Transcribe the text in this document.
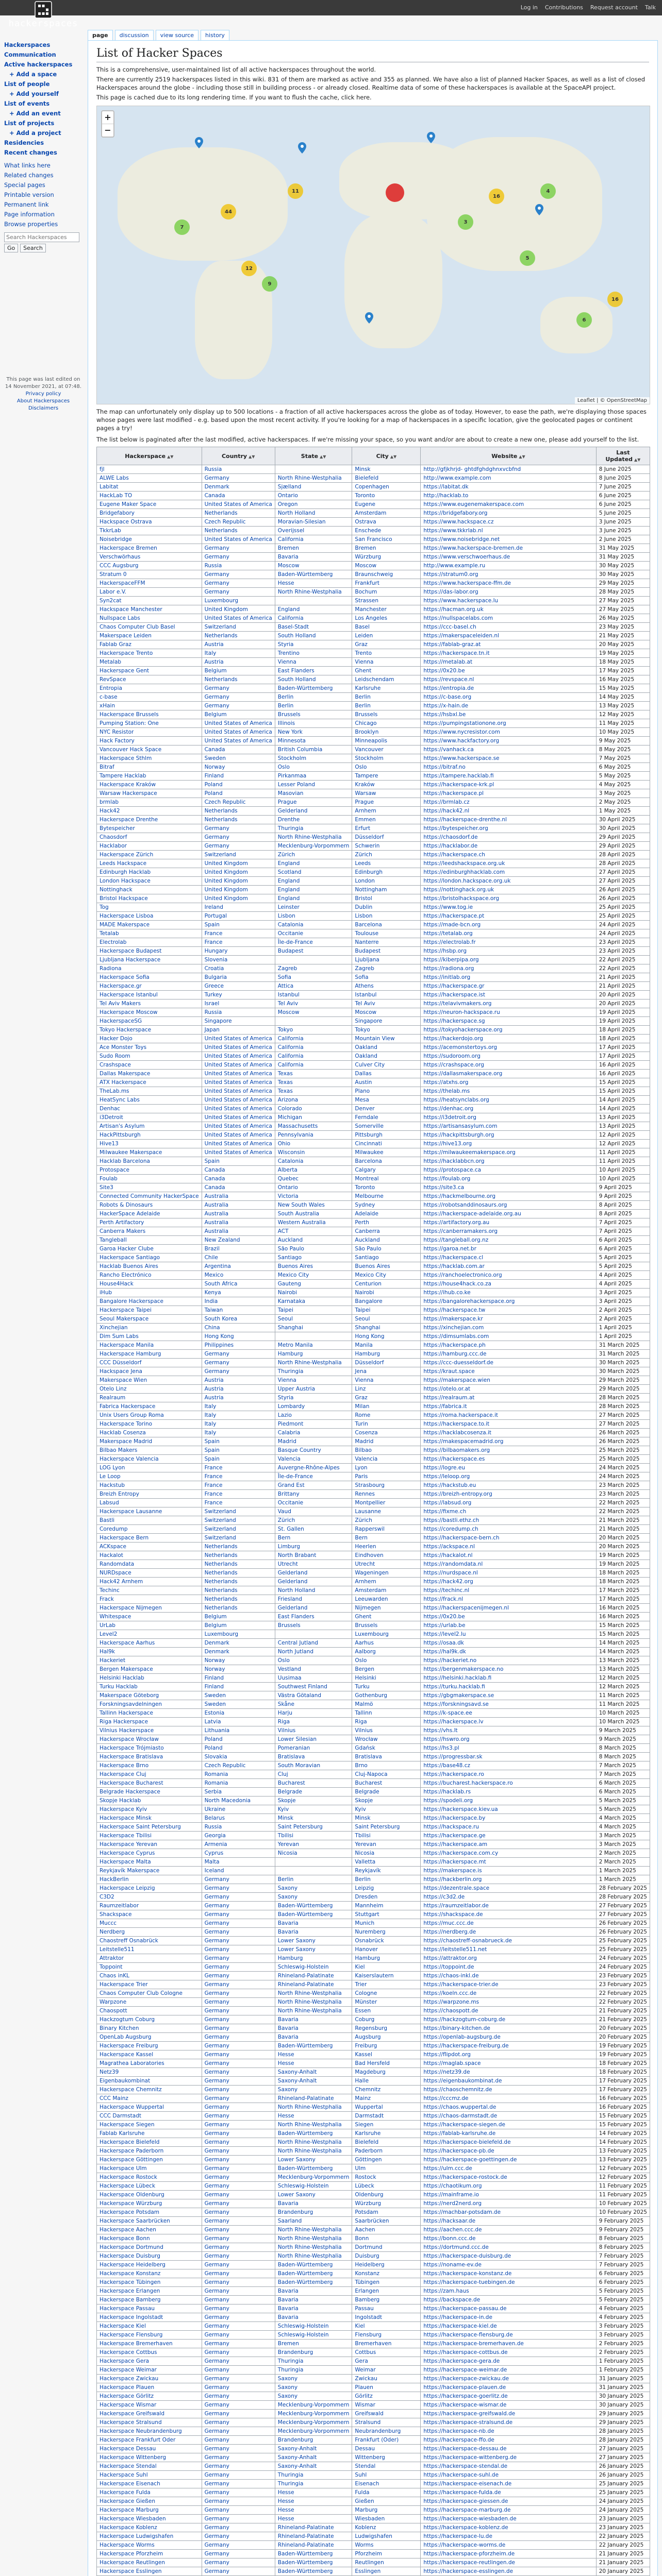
Log in Contributions Request account Talk
hackerspaces
page	discussion	view source	history
Hackerspaces
Communication
Active hackerspaces
+ Add a space
List of people
+ Add yourself
List of events
+ Add an event
List of projects
+ Add a project
Residencies
Recent changes
What links here
Related changes
Special pages
Printable version
Permanent link
Page information
Browse properties
Search Hackerspaces
Go Search
This page was last edited on 14 November 2021, at 07:48.
Privacy policy
About Hackerspaces
Disclaimers
List of Hacker Spaces

This is a comprehensive, user-maintained list of all active hackerspaces throughout the world.

There are currently 2519 hackerspaces listed in this wiki. 831 of them are marked as active and 355 as planned. We have also a list of planned Hacker Spaces, as well as a list of closed Hackerspaces around the globe - including those still in building process - or already closed. Realtime data of some of these hackerspaces is available at the SpaceAPI project.

This page is cached due to its long rendering time. If you want to flush the cache, click here.

+
−
11
44
7
16
4
3
12
9
5
6
16
Leaflet | © OpenStreetMap

The map can unfortunately only display up to 500 locations - a fraction of all active hackerspaces across the globe as of today. However, to ease the path, we're displaying those spaces whose pages were last modified - e.g. based upon the most recent activity. If you're looking for a map of hackerspaces in a specific location, give the geolocated pages or continent pages a try!

The list below is paginated after the last modified, active hackerspaces. If we're missing your space, so you want and/or are about to create a new one, please add yourself to the list.

Hackerspace ▲▼	Country ▲▼	State ▲▼	City ▲▼	Website ▲▼	Last Updated ▲▼
fjl	Russia		Minsk	http://gfjkhrjd- ghtdfghdghnxvcbfnd	8 June 2025
ALWE Labs	Germany	North Rhine-Westphalia	Bielefeld	http://www.example.com	8 June 2025
Labitat	Denmark	Sjælland	Copenhagen	https://labitat.dk	7 June 2025
HackLab TO	Canada	Ontario	Toronto	http://hacklab.to	6 June 2025
Eugene Maker Space	United States of America	Oregon	Eugene	https://www.eugenemakerspace.com	6 June 2025
Bridgefabory	Netherlands	North Holland	Amsterdam	https://bridgefabory.org	5 June 2025
Hackspace Ostrava	Czech Republic	Moravian-Silesian	Ostrava	https://www.hackspace.cz	3 June 2025
TkkrLab	Netherlands	Overijssel	Enschede	https://www.tkkrlab.nl	3 June 2025
Noisebridge	United States of America	California	San Francisco	https://www.noisebridge.net	2 June 2025
Hackerspace Bremen	Germany	Bremen	Bremen	https://www.hackerspace-bremen.de	31 May 2025
Verschwörhaus	Germany	Bavaria	Würzburg	https://www.verschwoerhaus.de	31 May 2025
CCC Augsburg	Russia	Moscow	Moscow	http://www.example.ru	30 May 2025
Stratum 0	Germany	Baden-Württemberg	Braunschweig	https://stratum0.org	30 May 2025
HackerspaceFFM	Germany	Hesse	Frankfurt	https://www.hackerspace-ffm.de	29 May 2025
Labor e.V.	Germany	North Rhine-Westphalia	Bochum	https://das-labor.org	28 May 2025
Syn2cat	Luxembourg		Strassen	https://www.hackerspace.lu	27 May 2025
Hackspace Manchester	United Kingdom	England	Manchester	https://hacman.org.uk	27 May 2025
Nullspace Labs	United States of America	California	Los Angeles	https://nullspacelabs.com	26 May 2025
Chaos Computer Club Basel	Switzerland	Basel-Stadt	Basel	https://ccc-basel.ch	23 May 2025
Makerspace Leiden	Netherlands	South Holland	Leiden	https://makerspaceleiden.nl	21 May 2025
Fablab Graz	Austria	Styria	Graz	https://fablab-graz.at	20 May 2025
Hackerspace Trento	Italy	Trentino	Trento	https://hackerspace.tn.it	19 May 2025
Metalab	Austria	Vienna	Vienna	https://metalab.at	18 May 2025
Hackerspace Gent	Belgium	East Flanders	Ghent	https://0x20.be	17 May 2025
RevSpace	Netherlands	South Holland	Leidschendam	https://revspace.nl	16 May 2025
Entropia	Germany	Baden-Württemberg	Karlsruhe	https://entropia.de	15 May 2025
c-base	Germany	Berlin	Berlin	https://c-base.org	14 May 2025
xHain	Germany	Berlin	Berlin	https://x-hain.de	13 May 2025
Hackerspace Brussels	Belgium	Brussels	Brussels	https://hsbxl.be	12 May 2025
Pumping Station: One	United States of America	Illinois	Chicago	https://pumpingstationone.org	11 May 2025
NYC Resistor	United States of America	New York	Brooklyn	https://www.nycresistor.com	10 May 2025
Hack Factory	United States of America	Minnesota	Minneapolis	https://www.hackfactory.org	9 May 2025
Vancouver Hack Space	Canada	British Columbia	Vancouver	https://vanhack.ca	8 May 2025
Hackerspace Sthlm	Sweden	Stockholm	Stockholm	https://www.hackerspace.se	7 May 2025
Bitraf	Norway	Oslo	Oslo	https://bitraf.no	6 May 2025
Tampere Hacklab	Finland	Pirkanmaa	Tampere	https://tampere.hacklab.fi	5 May 2025
Hackerspace Kraków	Poland	Lesser Poland	Kraków	https://hackerspace-krk.pl	4 May 2025
Warsaw Hackerspace	Poland	Masovian	Warsaw	https://hackerspace.pl	3 May 2025
brmlab	Czech Republic	Prague	Prague	https://brmlab.cz	2 May 2025
Hack42	Netherlands	Gelderland	Arnhem	https://hack42.nl	1 May 2025
Hackerspace Drenthe	Netherlands	Drenthe	Emmen	https://hackerspace-drenthe.nl	30 April 2025
Bytespeicher	Germany	Thuringia	Erfurt	https://bytespeicher.org	30 April 2025
Chaosdorf	Germany	North Rhine-Westphalia	Düsseldorf	https://chaosdorf.de	29 April 2025
Hacklabor	Germany	Mecklenburg-Vorpommern	Schwerin	https://hacklabor.de	29 April 2025
Hackerspace Zürich	Switzerland	Zürich	Zürich	https://hackerspace.ch	28 April 2025
Leeds Hackspace	United Kingdom	England	Leeds	https://leedshackspace.org.uk	28 April 2025
Edinburgh Hacklab	United Kingdom	Scotland	Edinburgh	https://edinburghhacklab.com	27 April 2025
London Hackspace	United Kingdom	England	London	https://london.hackspace.org.uk	27 April 2025
Nottinghack	United Kingdom	England	Nottingham	https://nottinghack.org.uk	26 April 2025
Bristol Hackspace	United Kingdom	England	Bristol	https://bristolhackspace.org	26 April 2025
Tog	Ireland	Leinster	Dublin	https://www.tog.ie	25 April 2025
Hackerspace Lisboa	Portugal	Lisbon	Lisbon	https://hackerspace.pt	25 April 2025
MADE Makerspace	Spain	Catalonia	Barcelona	https://made-bcn.org	24 April 2025
Tetalab	France	Occitanie	Toulouse	https://tetalab.org	24 April 2025
Electrolab	France	Île-de-France	Nanterre	https://electrolab.fr	23 April 2025
Hackerspace Budapest	Hungary	Budapest	Budapest	https://hsbp.org	23 April 2025
Ljubljana Hackerspace	Slovenia		Ljubljana	https://kiberpipa.org	22 April 2025
Radiona	Croatia	Zagreb	Zagreb	https://radiona.org	22 April 2025
Hackerspace Sofia	Bulgaria	Sofia	Sofia	https://initlab.org	21 April 2025
Hackerspace.gr	Greece	Attica	Athens	https://hackerspace.gr	21 April 2025
Hackerspace Istanbul	Turkey	Istanbul	Istanbul	https://hackerspace.ist	20 April 2025
Tel Aviv Makers	Israel	Tel Aviv	Tel Aviv	https://telavivmakers.org	20 April 2025
Hackerspace Moscow	Russia	Moscow	Moscow	https://neuron-hackspace.ru	19 April 2025
HackerspaceSG	Singapore		Singapore	https://hackerspace.sg	19 April 2025
Tokyo Hackerspace	Japan	Tokyo	Tokyo	https://tokyohackerspace.org	18 April 2025
Hacker Dojo	United States of America	California	Mountain View	https://hackerdojo.org	18 April 2025
Ace Monster Toys	United States of America	California	Oakland	https://acemonstertoys.org	17 April 2025
Sudo Room	United States of America	California	Oakland	https://sudoroom.org	17 April 2025
Crashspace	United States of America	California	Culver City	https://crashspace.org	16 April 2025
Dallas Makerspace	United States of America	Texas	Dallas	https://dallasmakerspace.org	16 April 2025
ATX Hackerspace	United States of America	Texas	Austin	https://atxhs.org	15 April 2025
TheLab.ms	United States of America	Texas	Plano	https://thelab.ms	15 April 2025
HeatSync Labs	United States of America	Arizona	Mesa	https://heatsynclabs.org	14 April 2025
Denhac	United States of America	Colorado	Denver	https://denhac.org	14 April 2025
i3Detroit	United States of America	Michigan	Ferndale	https://i3detroit.org	13 April 2025
Artisan's Asylum	United States of America	Massachusetts	Somerville	https://artisansasylum.com	13 April 2025
HackPittsburgh	United States of America	Pennsylvania	Pittsburgh	https://hackpittsburgh.org	12 April 2025
Hive13	United States of America	Ohio	Cincinnati	https://hive13.org	12 April 2025
Milwaukee Makerspace	United States of America	Wisconsin	Milwaukee	https://milwaukeemakerspace.org	11 April 2025
Hacklab Barcelona	Spain	Catalonia	Barcelona	https://hacklabbcn.org	11 April 2025
Protospace	Canada	Alberta	Calgary	https://protospace.ca	10 April 2025
Foulab	Canada	Quebec	Montreal	https://foulab.org	10 April 2025
Site3	Canada	Ontario	Toronto	https://site3.ca	9 April 2025
Connected Community HackerSpace	Australia	Victoria	Melbourne	https://hackmelbourne.org	9 April 2025
Robots & Dinosaurs	Australia	New South Wales	Sydney	https://robotsanddinosaurs.org	8 April 2025
HackerSpace Adelaide	Australia	South Australia	Adelaide	https://hackerspace-adelaide.org.au	8 April 2025
Perth Artifactory	Australia	Western Australia	Perth	https://artifactory.org.au	7 April 2025
Canberra Makers	Australia	ACT	Canberra	https://canberramakers.org	7 April 2025
Tangleball	New Zealand	Auckland	Auckland	https://tangleball.org.nz	6 April 2025
Garoa Hacker Clube	Brazil	São Paulo	São Paulo	https://garoa.net.br	6 April 2025
Hackerspace Santiago	Chile	Santiago	Santiago	https://hackerspace.cl	5 April 2025
Hacklab Buenos Aires	Argentina	Buenos Aires	Buenos Aires	https://hacklab.com.ar	5 April 2025
Rancho Electrónico	Mexico	Mexico City	Mexico City	https://ranchoelectronico.org	4 April 2025
House4Hack	South Africa	Gauteng	Centurion	https://house4hack.co.za	4 April 2025
iHub	Kenya	Nairobi	Nairobi	https://ihub.co.ke	3 April 2025
Bangalore Hackerspace	India	Karnataka	Bangalore	https://bangalorehackerspace.org	3 April 2025
Hackerspace Taipei	Taiwan	Taipei	Taipei	https://hackerspace.tw	2 April 2025
Seoul Makerspace	South Korea	Seoul	Seoul	https://makerspace.kr	2 April 2025
Xinchejian	China	Shanghai	Shanghai	https://xinchejian.com	1 April 2025
Dim Sum Labs	Hong Kong		Hong Kong	https://dimsumlabs.com	1 April 2025
Hackerspace Manila	Philippines	Metro Manila	Manila	https://hackerspace.ph	31 March 2025
Hackerspace Hamburg	Germany	Hamburg	Hamburg	https://hamburg.ccc.de	31 March 2025
CCC Düsseldorf	Germany	North Rhine-Westphalia	Düsseldorf	https://ccc-duesseldorf.de	30 March 2025
Hackspace Jena	Germany	Thuringia	Jena	https://kraut.space	30 March 2025
Makerspace Wien	Austria	Vienna	Vienna	https://makerspace.wien	29 March 2025
Otelo Linz	Austria	Upper Austria	Linz	https://otelo.or.at	29 March 2025
Realraum	Austria	Styria	Graz	https://realraum.at	28 March 2025
Fabrica Hackerspace	Italy	Lombardy	Milan	https://fabrica.it	28 March 2025
Unix Users Group Roma	Italy	Lazio	Rome	https://roma.hackerspace.it	27 March 2025
Hackerspace Torino	Italy	Piedmont	Turin	https://hackerspace.to.it	27 March 2025
Hacklab Cosenza	Italy	Calabria	Cosenza	https://hacklabcosenza.it	26 March 2025
Makerspace Madrid	Spain	Madrid	Madrid	https://makespacemadrid.org	26 March 2025
Bilbao Makers	Spain	Basque Country	Bilbao	https://bilbaomakers.org	25 March 2025
Hackerspace Valencia	Spain	Valencia	Valencia	https://hackerspace.es	25 March 2025
LOG Lyon	France	Auvergne-Rhône-Alpes	Lyon	https://logre.eu	24 March 2025
Le Loop	France	Île-de-France	Paris	https://leloop.org	24 March 2025
Hackstub	France	Grand Est	Strasbourg	https://hackstub.eu	23 March 2025
Breizh Entropy	France	Brittany	Rennes	https://breizh-entropy.org	23 March 2025
Labsud	France	Occitanie	Montpellier	https://labsud.org	22 March 2025
Hackerspace Lausanne	Switzerland	Vaud	Lausanne	https://fixme.ch	22 March 2025
Bastli	Switzerland	Zürich	Zürich	https://bastli.ethz.ch	21 March 2025
Coredump	Switzerland	St. Gallen	Rapperswil	https://coredump.ch	21 March 2025
Hackerspace Bern	Switzerland	Bern	Bern	https://hackerspace-bern.ch	20 March 2025
ACKspace	Netherlands	Limburg	Heerlen	https://ackspace.nl	20 March 2025
Hackalot	Netherlands	North Brabant	Eindhoven	https://hackalot.nl	19 March 2025
Randomdata	Netherlands	Utrecht	Utrecht	https://randomdata.nl	19 March 2025
NURDspace	Netherlands	Gelderland	Wageningen	https://nurdspace.nl	18 March 2025
Hack42 Arnhem	Netherlands	Gelderland	Arnhem	https://hack42.org	18 March 2025
Techinc	Netherlands	North Holland	Amsterdam	https://techinc.nl	17 March 2025
Frack	Netherlands	Friesland	Leeuwarden	https://frack.nl	17 March 2025
Hackerspace Nijmegen	Netherlands	Gelderland	Nijmegen	https://hackerspacenijmegen.nl	16 March 2025
Whitespace	Belgium	East Flanders	Ghent	https://0x20.be	16 March 2025
UrLab	Belgium	Brussels	Brussels	https://urlab.be	15 March 2025
Level2	Luxembourg		Luxembourg	https://level2.lu	15 March 2025
Hackerspace Aarhus	Denmark	Central Jutland	Aarhus	https://osaa.dk	14 March 2025
Hal9k	Denmark	North Jutland	Aalborg	https://hal9k.dk	14 March 2025
Hackeriet	Norway	Oslo	Oslo	https://hackeriet.no	13 March 2025
Bergen Makerspace	Norway	Vestland	Bergen	https://bergenmakerspace.no	13 March 2025
Helsinki Hacklab	Finland	Uusimaa	Helsinki	https://helsinki.hacklab.fi	12 March 2025
Turku Hacklab	Finland	Southwest Finland	Turku	https://turku.hacklab.fi	12 March 2025
Makerspace Göteborg	Sweden	Västra Götaland	Gothenburg	https://gbgmakerspace.se	11 March 2025
Forskningsavdelningen	Sweden	Skåne	Malmö	https://forskningsavd.se	11 March 2025
Tallinn Hackerspace	Estonia	Harju	Tallinn	https://k-space.ee	10 March 2025
Riga Hackerspace	Latvia	Riga	Riga	https://hackerspace.lv	10 March 2025
Vilnius Hackerspace	Lithuania	Vilnius	Vilnius	https://vhs.lt	9 March 2025
Hackerspace Wrocław	Poland	Lower Silesian	Wrocław	https://hswro.org	9 March 2025
Hackerspace Trójmiasto	Poland	Pomeranian	Gdańsk	https://hs3.pl	8 March 2025
Hackerspace Bratislava	Slovakia	Bratislava	Bratislava	https://progressbar.sk	8 March 2025
Hackerspace Brno	Czech Republic	South Moravian	Brno	https://base48.cz	7 March 2025
Hackerspace Cluj	Romania	Cluj	Cluj-Napoca	https://hackerspace.ro	7 March 2025
Hackerspace Bucharest	Romania	Bucharest	Bucharest	https://bucharest.hackerspace.ro	6 March 2025
Belgrade Hackerspace	Serbia	Belgrade	Belgrade	https://hacklab.rs	6 March 2025
Skopje Hacklab	North Macedonia	Skopje	Skopje	https://spodeli.org	5 March 2025
Hackerspace Kyiv	Ukraine	Kyiv	Kyiv	https://hackerspace.kiev.ua	5 March 2025
Hackerspace Minsk	Belarus	Minsk	Minsk	https://hackerspace.by	4 March 2025
Hackerspace Saint Petersburg	Russia	Saint Petersburg	Saint Petersburg	https://hackspace.ru	4 March 2025
Hackerspace Tbilisi	Georgia	Tbilisi	Tbilisi	https://hackerspace.ge	3 March 2025
Hackerspace Yerevan	Armenia	Yerevan	Yerevan	https://hackerspace.am	3 March 2025
Hackerspace Cyprus	Cyprus	Nicosia	Nicosia	https://hackerspace.com.cy	2 March 2025
Hackerspace Malta	Malta		Valletta	https://hackerspace.mt	2 March 2025
Reykjavík Makerspace	Iceland		Reykjavík	https://makerspace.is	1 March 2025
HackBerlin	Germany	Berlin	Berlin	https://hackberlin.org	1 March 2025
Hackerspace Leipzig	Germany	Saxony	Leipzig	https://dezentrale.space	28 February 2025
C3D2	Germany	Saxony	Dresden	https://c3d2.de	28 February 2025
Raumzeitlabor	Germany	Baden-Württemberg	Mannheim	https://raumzeitlabor.de	27 February 2025
Shackspace	Germany	Baden-Württemberg	Stuttgart	https://shackspace.de	27 February 2025
Muccc	Germany	Bavaria	Munich	https://muc.ccc.de	26 February 2025
Nerdberg	Germany	Bavaria	Nuremberg	https://nerdberg.de	26 February 2025
Chaostreff Osnabrück	Germany	Lower Saxony	Osnabrück	https://chaostreff-osnabrueck.de	25 February 2025
Leitstelle511	Germany	Lower Saxony	Hanover	https://leitstelle511.net	25 February 2025
Attraktor	Germany	Hamburg	Hamburg	https://attraktor.org	24 February 2025
Toppoint	Germany	Schleswig-Holstein	Kiel	https://toppoint.de	24 February 2025
Chaos inKL	Germany	Rhineland-Palatinate	Kaiserslautern	https://chaos-inkl.de	23 February 2025
Hackerspace Trier	Germany	Rhineland-Palatinate	Trier	https://hackerspace-trier.de	23 February 2025
Chaos Computer Club Cologne	Germany	North Rhine-Westphalia	Cologne	https://koeln.ccc.de	22 February 2025
Warpzone	Germany	North Rhine-Westphalia	Münster	https://warpzone.ms	22 February 2025
Chaospott	Germany	North Rhine-Westphalia	Essen	https://chaospott.de	21 February 2025
Hackzogtum Coburg	Germany	Bavaria	Coburg	https://hackzogtum-coburg.de	21 February 2025
Binary Kitchen	Germany	Bavaria	Regensburg	https://binary-kitchen.de	20 February 2025
OpenLab Augsburg	Germany	Bavaria	Augsburg	https://openlab-augsburg.de	20 February 2025
Hackerspace Freiburg	Germany	Baden-Württemberg	Freiburg	https://hackerspace-freiburg.de	19 February 2025
Hackerspace Kassel	Germany	Hesse	Kassel	https://flipdot.org	19 February 2025
Magrathea Laboratories	Germany	Hesse	Bad Hersfeld	https://maglab.space	18 February 2025
Netz39	Germany	Saxony-Anhalt	Magdeburg	https://netz39.de	18 February 2025
Eigenbaukombinat	Germany	Saxony-Anhalt	Halle	https://eigenbaukombinat.de	17 February 2025
Hackerspace Chemnitz	Germany	Saxony	Chemnitz	https://chaoschemnitz.de	17 February 2025
CCC Mainz	Germany	Rhineland-Palatinate	Mainz	https://cccmz.de	16 February 2025
Hackerspace Wuppertal	Germany	North Rhine-Westphalia	Wuppertal	https://chaos.wuppertal.de	16 February 2025
CCC Darmstadt	Germany	Hesse	Darmstadt	https://chaos-darmstadt.de	15 February 2025
Hackerspace Siegen	Germany	North Rhine-Westphalia	Siegen	https://hackerspace-siegen.de	15 February 2025
Fablab Karlsruhe	Germany	Baden-Württemberg	Karlsruhe	https://fablab-karlsruhe.de	14 February 2025
Hackerspace Bielefeld	Germany	North Rhine-Westphalia	Bielefeld	https://hackerspace-bielefeld.de	14 February 2025
Hackerspace Paderborn	Germany	North Rhine-Westphalia	Paderborn	https://hackerspace-pb.de	13 February 2025
Hackerspace Göttingen	Germany	Lower Saxony	Göttingen	https://hackerspace-goettingen.de	13 February 2025
Hackerspace Ulm	Germany	Baden-Württemberg	Ulm	https://ulm.ccc.de	12 February 2025
Hackerspace Rostock	Germany	Mecklenburg-Vorpommern	Rostock	https://hackerspace-rostock.de	12 February 2025
Hackerspace Lübeck	Germany	Schleswig-Holstein	Lübeck	https://chaotikum.org	11 February 2025
Hackerspace Oldenburg	Germany	Lower Saxony	Oldenburg	https://mainframe.io	11 February 2025
Hackerspace Würzburg	Germany	Bavaria	Würzburg	https://nerd2nerd.org	10 February 2025
Hackerspace Potsdam	Germany	Brandenburg	Potsdam	https://machbar-potsdam.de	10 February 2025
Hackerspace Saarbrücken	Germany	Saarland	Saarbrücken	https://hacksaar.de	9 February 2025
Hackerspace Aachen	Germany	North Rhine-Westphalia	Aachen	https://aachen.ccc.de	9 February 2025
Hackerspace Bonn	Germany	North Rhine-Westphalia	Bonn	https://bonn.ccc.de	8 February 2025
Hackerspace Dortmund	Germany	North Rhine-Westphalia	Dortmund	https://dortmund.ccc.de	8 February 2025
Hackerspace Duisburg	Germany	North Rhine-Westphalia	Duisburg	https://hackerspace-duisburg.de	7 February 2025
Hackerspace Heidelberg	Germany	Baden-Württemberg	Heidelberg	https://noname-ev.de	7 February 2025
Hackerspace Konstanz	Germany	Baden-Württemberg	Konstanz	https://hackerspace-konstanz.de	6 February 2025
Hackerspace Tübingen	Germany	Baden-Württemberg	Tübingen	https://hackerspace-tuebingen.de	6 February 2025
Hackerspace Erlangen	Germany	Bavaria	Erlangen	https://zam.haus	5 February 2025
Hackerspace Bamberg	Germany	Bavaria	Bamberg	https://backspace.de	5 February 2025
Hackerspace Passau	Germany	Bavaria	Passau	https://hackerspace-passau.de	4 February 2025
Hackerspace Ingolstadt	Germany	Bavaria	Ingolstadt	https://hackerspace-in.de	4 February 2025
Hackerspace Kiel	Germany	Schleswig-Holstein	Kiel	https://hackerspace-kiel.de	3 February 2025
Hackerspace Flensburg	Germany	Schleswig-Holstein	Flensburg	https://hackerspace-flensburg.de	3 February 2025
Hackerspace Bremerhaven	Germany	Bremen	Bremerhaven	https://hackerspace-bremerhaven.de	2 February 2025
Hackerspace Cottbus	Germany	Brandenburg	Cottbus	https://hackerspace-cottbus.de	2 February 2025
Hackerspace Gera	Germany	Thuringia	Gera	https://hackerspace-gera.de	1 February 2025
Hackerspace Weimar	Germany	Thuringia	Weimar	https://hackerspace-weimar.de	1 February 2025
Hackerspace Zwickau	Germany	Saxony	Zwickau	https://hackerspace-zwickau.de	31 January 2025
Hackerspace Plauen	Germany	Saxony	Plauen	https://hackerspace-plauen.de	31 January 2025
Hackerspace Görlitz	Germany	Saxony	Görlitz	https://hackerspace-goerlitz.de	30 January 2025
Hackerspace Wismar	Germany	Mecklenburg-Vorpommern	Wismar	https://hackerspace-wismar.de	30 January 2025
Hackerspace Greifswald	Germany	Mecklenburg-Vorpommern	Greifswald	https://hackerspace-greifswald.de	29 January 2025
Hackerspace Stralsund	Germany	Mecklenburg-Vorpommern	Stralsund	https://hackerspace-stralsund.de	29 January 2025
Hackerspace Neubrandenburg	Germany	Mecklenburg-Vorpommern	Neubrandenburg	https://hackerspace-nb.de	28 January 2025
Hackerspace Frankfurt Oder	Germany	Brandenburg	Frankfurt (Oder)	https://hackerspace-ffo.de	28 January 2025
Hackerspace Dessau	Germany	Saxony-Anhalt	Dessau	https://hackerspace-dessau.de	27 January 2025
Hackerspace Wittenberg	Germany	Saxony-Anhalt	Wittenberg	https://hackerspace-wittenberg.de	27 January 2025
Hackerspace Stendal	Germany	Saxony-Anhalt	Stendal	https://hackerspace-stendal.de	26 January 2025
Hackerspace Suhl	Germany	Thuringia	Suhl	https://hackerspace-suhl.de	26 January 2025
Hackerspace Eisenach	Germany	Thuringia	Eisenach	https://hackerspace-eisenach.de	25 January 2025
Hackerspace Fulda	Germany	Hesse	Fulda	https://hackerspace-fulda.de	25 January 2025
Hackerspace Gießen	Germany	Hesse	Gießen	https://hackerspace-giessen.de	24 January 2025
Hackerspace Marburg	Germany	Hesse	Marburg	https://hackerspace-marburg.de	24 January 2025
Hackerspace Wiesbaden	Germany	Hesse	Wiesbaden	https://hackerspace-wiesbaden.de	23 January 2025
Hackerspace Koblenz	Germany	Rhineland-Palatinate	Koblenz	https://hackerspace-koblenz.de	23 January 2025
Hackerspace Ludwigshafen	Germany	Rhineland-Palatinate	Ludwigshafen	https://hackerspace-lu.de	22 January 2025
Hackerspace Worms	Germany	Rhineland-Palatinate	Worms	https://hackerspace-worms.de	22 January 2025
Hackerspace Pforzheim	Germany	Baden-Württemberg	Pforzheim	https://hackerspace-pforzheim.de	21 January 2025
Hackerspace Reutlingen	Germany	Baden-Württemberg	Reutlingen	https://hackerspace-reutlingen.de	21 January 2025
Hackerspace Esslingen	Germany	Baden-Württemberg	Esslingen	https://hackerspace-esslingen.de	20 January 2025
